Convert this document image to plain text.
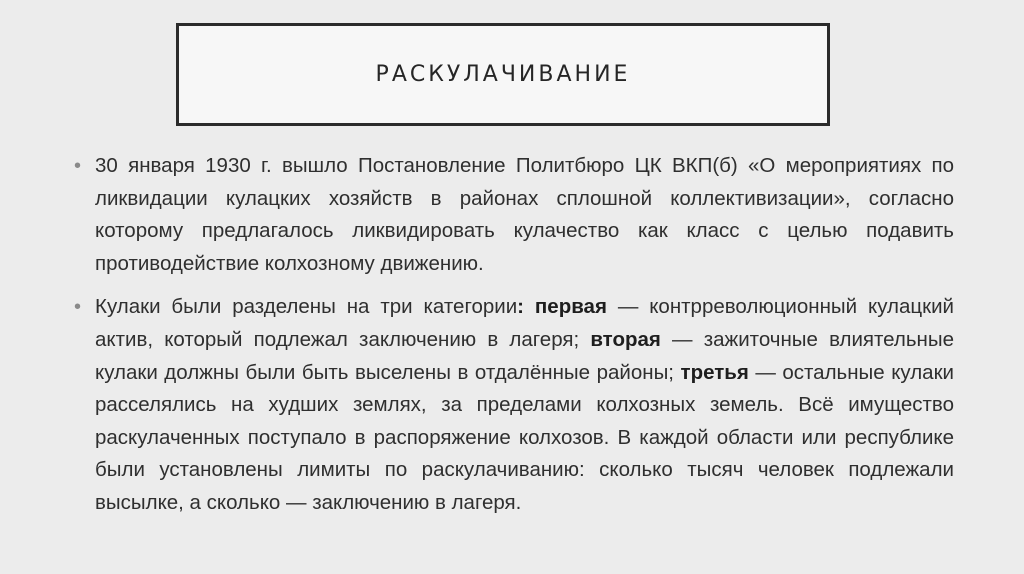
РАСКУЛАЧИВАНИЕ
• 30 января 1930 г. вышло Постановление Политбюро ЦК ВКП(б) «О мероприятиях по ликвидации кулацких хозяйств в районах сплошной коллективизации», согласно которому предлагалось ликвидировать кулачество как класс с целью подавить противодействие колхозному движению.
• Кулаки были разделены на три категории: первая — контрреволюционный кулацкий актив, который подлежал заключению в лагеря; вторая — зажиточные влиятельные кулаки должны были быть выселены в отдалённые районы; третья — остальные кулаки расселялись на худших землях, за пределами колхозных земель. Всё имущество раскулаченных поступало в распоряжение колхозов. В каждой области или республике были установлены лимиты по раскулачиванию: сколько тысяч человек подлежали высылке, а сколько — заключению в лагеря.
